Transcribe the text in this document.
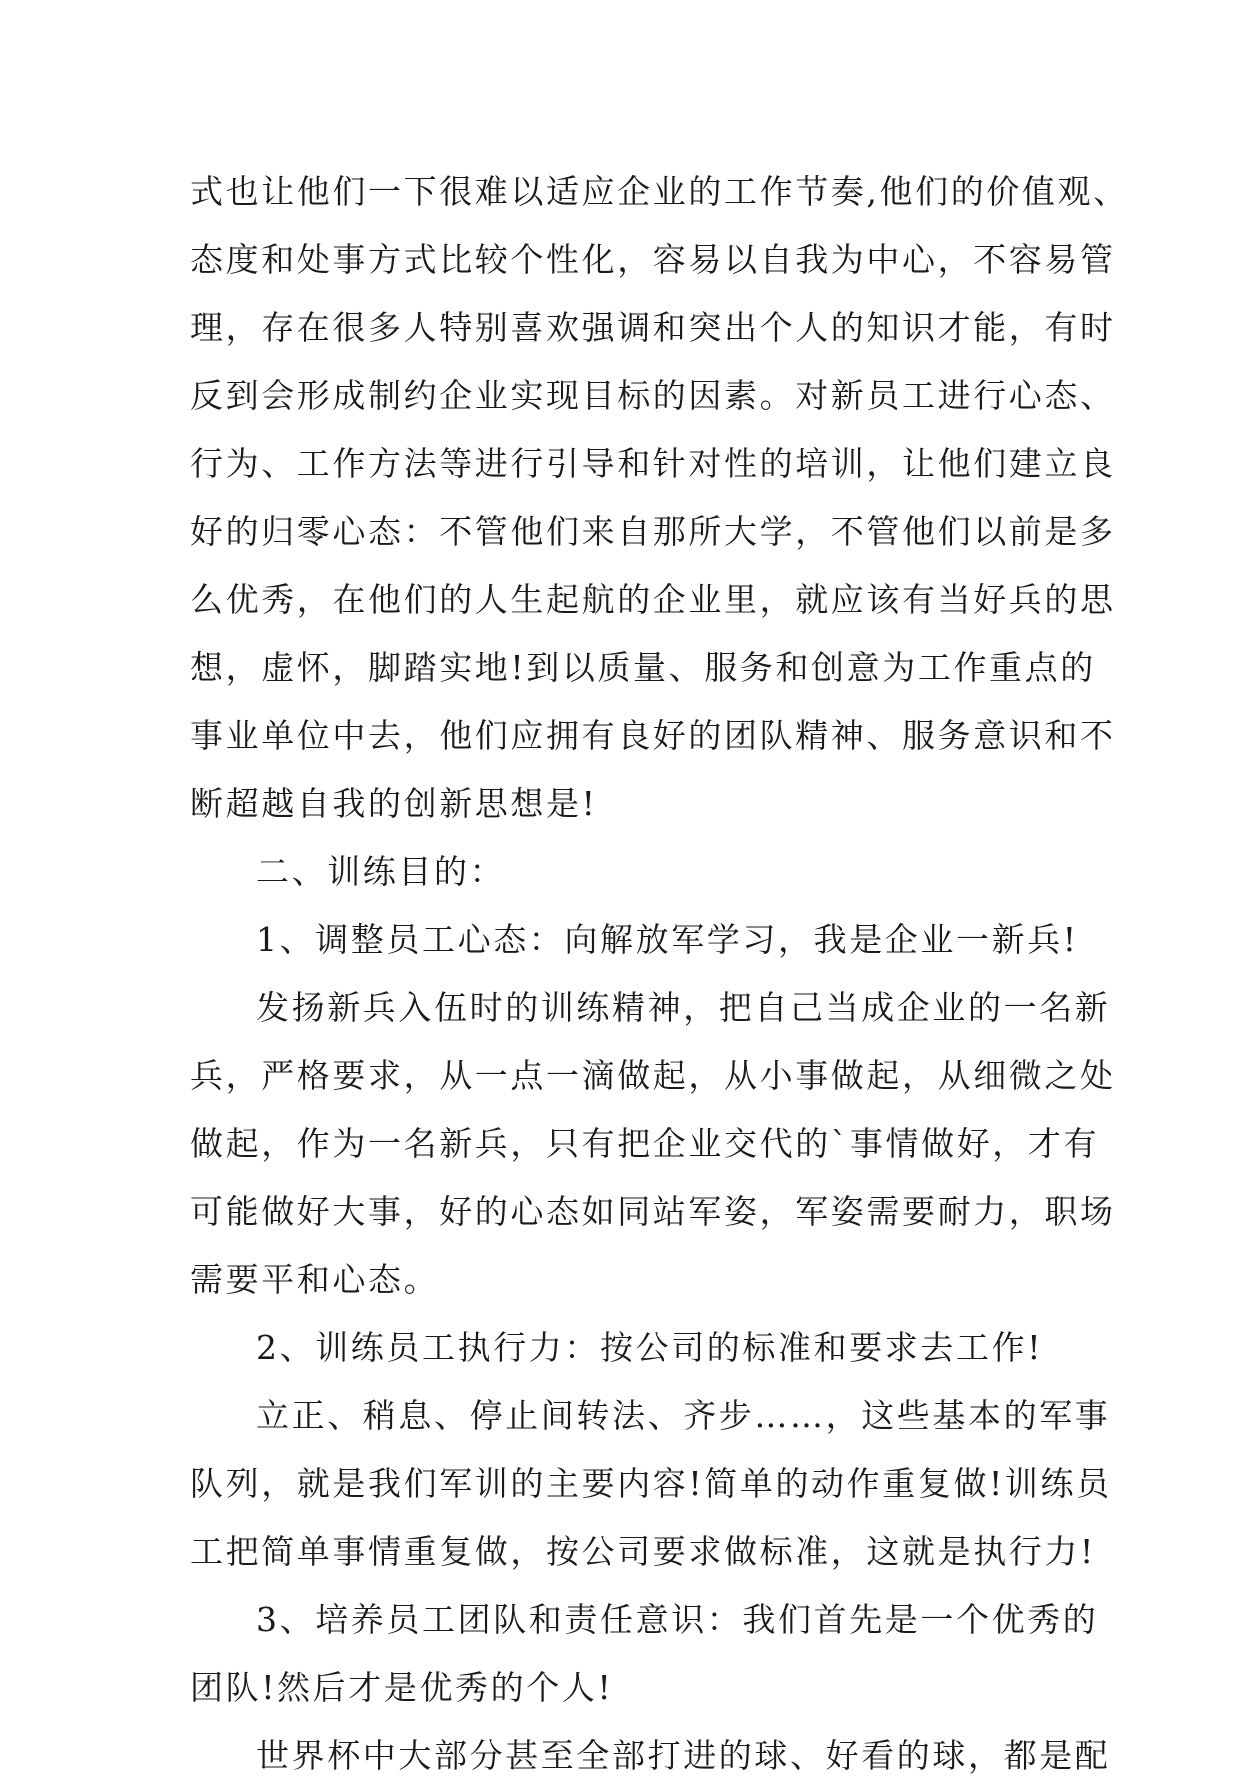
式也让他们一下很难以适应企业的工作节奏,他们的价值观、
态度和处事方式比较个性化，容易以自我为中心，不容易管
理，存在很多人特别喜欢强调和突出个人的知识才能，有时
反到会形成制约企业实现目标的因素。对新员工进行心态、
行为、工作方法等进行引导和针对性的培训，让他们建立良
好的归零心态：不管他们来自那所大学，不管他们以前是多
么优秀，在他们的人生起航的企业里，就应该有当好兵的思
想，虚怀，脚踏实地!到以质量、服务和创意为工作重点的
事业单位中去，他们应拥有良好的团队精神、服务意识和不
断超越自我的创新思想是!
二、训练目的：
1、调整员工心态：向解放军学习，我是企业一新兵!
发扬新兵入伍时的训练精神，把自己当成企业的一名新
兵，严格要求，从一点一滴做起，从小事做起，从细微之处
做起，作为一名新兵，只有把企业交代的`事情做好，才有
可能做好大事，好的心态如同站军姿，军姿需要耐力，职场
需要平和心态。
2、训练员工执行力：按公司的标准和要求去工作!
立正、稍息、停止间转法、齐步……，这些基本的军事
队列，就是我们军训的主要内容!简单的动作重复做!训练员
工把简单事情重复做，按公司要求做标准，这就是执行力!
3、培养员工团队和责任意识：我们首先是一个优秀的
团队!然后才是优秀的个人!
世界杯中大部分甚至全部打进的球、好看的球，都是配
